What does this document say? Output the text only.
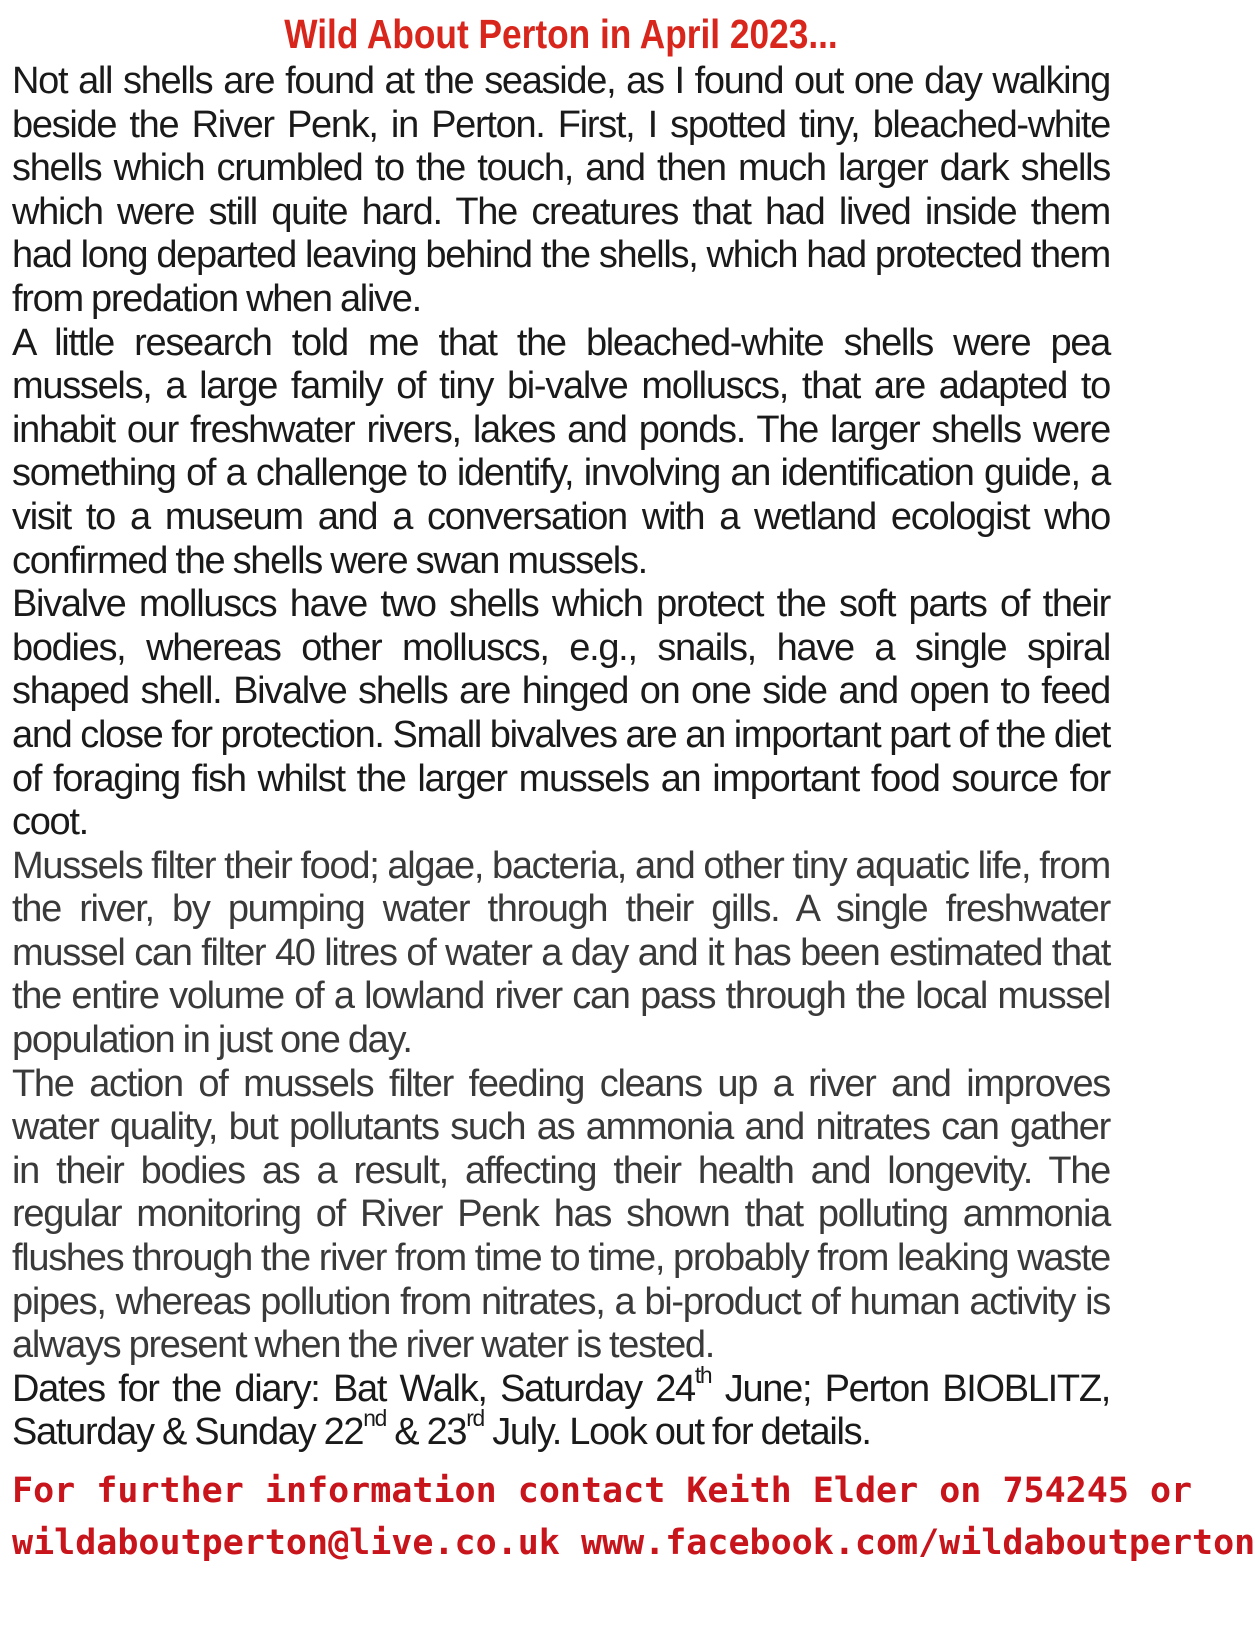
Wild About Perton in April 2023...

Not all shells are found at the seaside, as I found out one day walking beside the River Penk, in Perton. First, I spotted tiny, bleached-white shells which crumbled to the touch, and then much larger dark shells which were still quite hard. The creatures that had lived inside them had long departed leaving behind the shells, which had protected them from predation when alive.

A little research told me that the bleached-white shells were pea mussels, a large family of tiny bi-valve molluscs, that are adapted to inhabit our freshwater rivers, lakes and ponds. The larger shells were something of a challenge to identify, involving an identification guide, a visit to a museum and a conversation with a wetland ecologist who confirmed the shells were swan mussels.

Bivalve molluscs have two shells which protect the soft parts of their bodies, whereas other molluscs, e.g., snails, have a single spiral shaped shell. Bivalve shells are hinged on one side and open to feed and close for protection. Small bivalves are an important part of the diet of foraging fish whilst the larger mussels an important food source for coot.

Mussels filter their food; algae, bacteria, and other tiny aquatic life, from the river, by pumping water through their gills. A single freshwater mussel can filter 40 litres of water a day and it has been estimated that the entire volume of a lowland river can pass through the local mussel population in just one day.

The action of mussels filter feeding cleans up a river and improves water quality, but pollutants such as ammonia and nitrates can gather in their bodies as a result, affecting their health and longevity. The regular monitoring of River Penk has shown that polluting ammonia flushes through the river from time to time, probably from leaking waste pipes, whereas pollution from nitrates, a bi-product of human activity is always present when the river water is tested.

Dates for the diary: Bat Walk, Saturday 24th June; Perton BIOBLITZ, Saturday & Sunday 22nd & 23rd July. Look out for details.

For further information contact Keith Elder on 754245 or
wildaboutperton@live.co.uk www.facebook.com/wildaboutperton
